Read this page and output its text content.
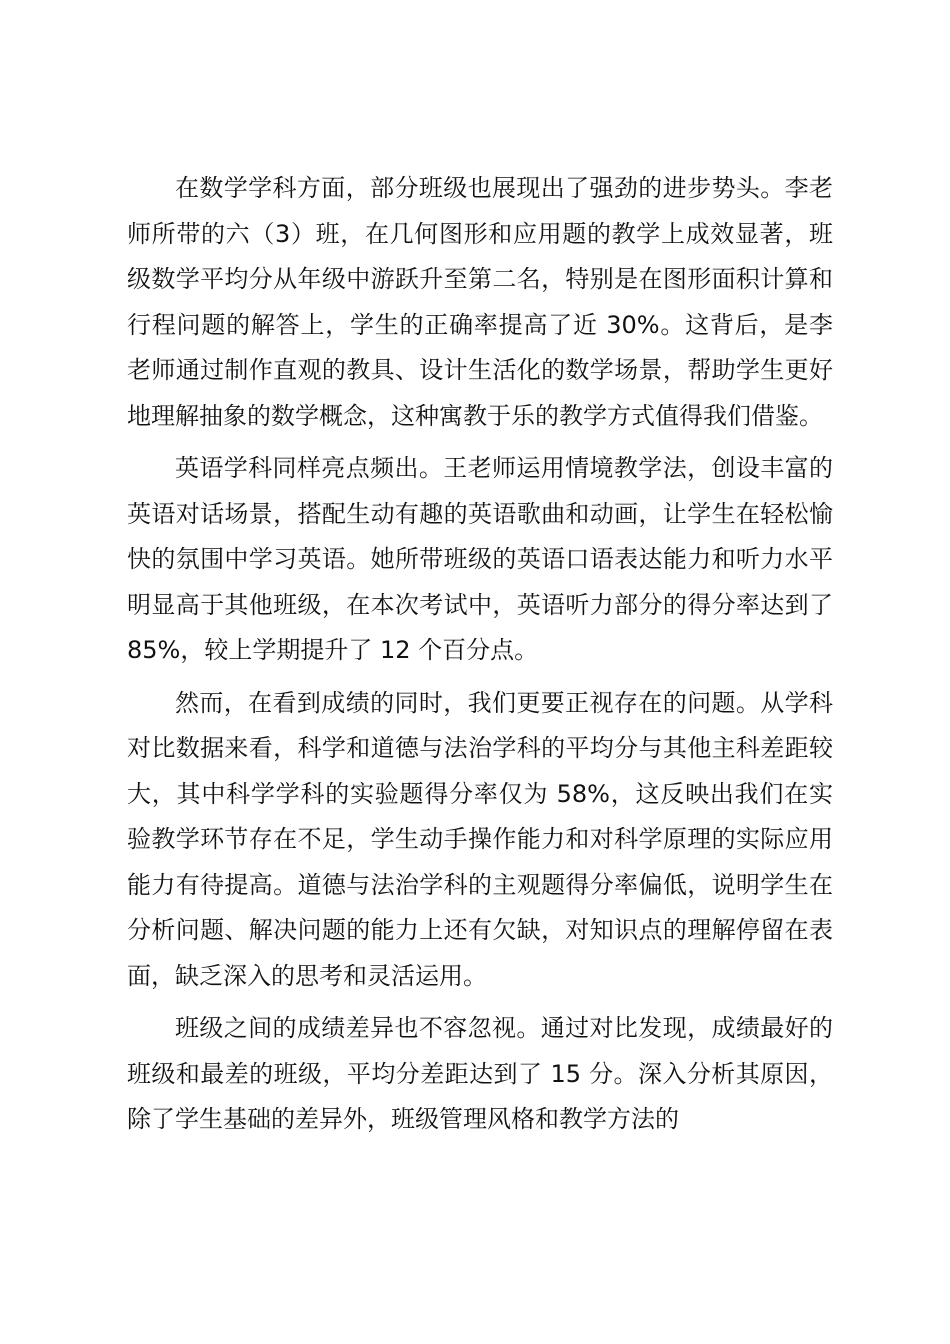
在数学学科方面，部分班级也展现出了强劲的进步势头。李老师所带的六（3）班，在几何图形和应用题的教学上成效显著，班级数学平均分从年级中游跃升至第二名，特别是在图形面积计算和行程问题的解答上，学生的正确率提高了近 30%。这背后，是李老师通过制作直观的教具、设计生活化的数学场景，帮助学生更好地理解抽象的数学概念，这种寓教于乐的教学方式值得我们借鉴。

英语学科同样亮点频出。王老师运用情境教学法，创设丰富的英语对话场景，搭配生动有趣的英语歌曲和动画，让学生在轻松愉快的氛围中学习英语。她所带班级的英语口语表达能力和听力水平明显高于其他班级，在本次考试中，英语听力部分的得分率达到了 85%，较上学期提升了 12 个百分点。

然而，在看到成绩的同时，我们更要正视存在的问题。从学科对比数据来看，科学和道德与法治学科的平均分与其他主科差距较大，其中科学学科的实验题得分率仅为 58%，这反映出我们在实验教学环节存在不足，学生动手操作能力和对科学原理的实际应用能力有待提高。道德与法治学科的主观题得分率偏低，说明学生在分析问题、解决问题的能力上还有欠缺，对知识点的理解停留在表面，缺乏深入的思考和灵活运用。

班级之间的成绩差异也不容忽视。通过对比发现，成绩最好的班级和最差的班级，平均分差距达到了 15 分。深入分析其原因，除了学生基础的差异外，班级管理风格和教学方法的
